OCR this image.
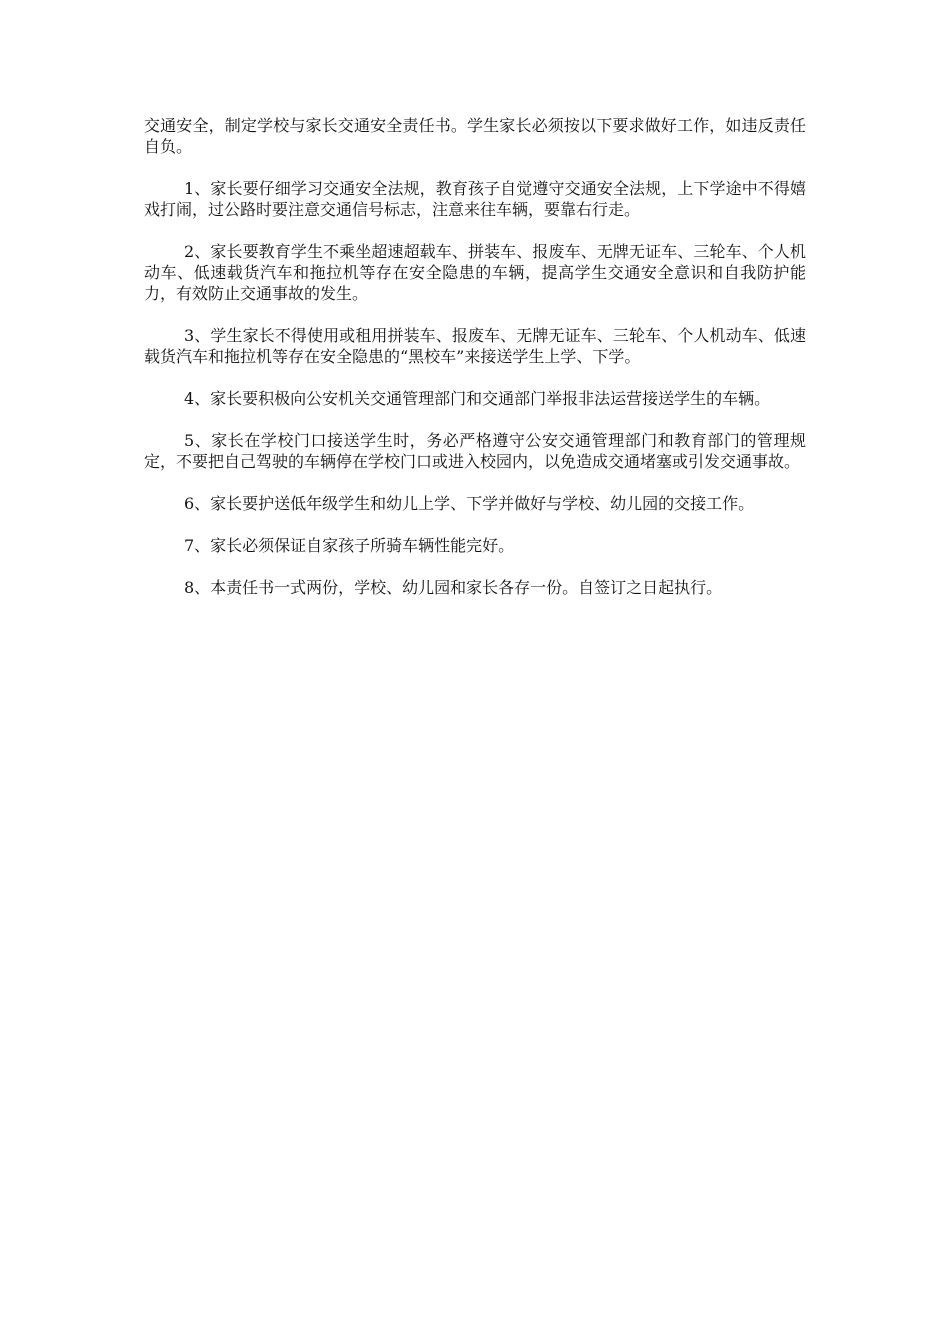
交通安全，制定学校与家长交通安全责任书。学生家长必须按以下要求做好工作，如违反责任自负。

1、家长要仔细学习交通安全法规，教育孩子自觉遵守交通安全法规，上下学途中不得嬉戏打闹，过公路时要注意交通信号标志，注意来往车辆，要靠右行走。

2、家长要教育学生不乘坐超速超载车、拼装车、报废车、无牌无证车、三轮车、个人机动车、低速载货汽车和拖拉机等存在安全隐患的车辆，提高学生交通安全意识和自我防护能力，有效防止交通事故的发生。

3、学生家长不得使用或租用拼装车、报废车、无牌无证车、三轮车、个人机动车、低速载货汽车和拖拉机等存在安全隐患的“黑校车”来接送学生上学、下学。

4、家长要积极向公安机关交通管理部门和交通部门举报非法运营接送学生的车辆。

5、家长在学校门口接送学生时，务必严格遵守公安交通管理部门和教育部门的管理规定，不要把自己驾驶的车辆停在学校门口或进入校园内，以免造成交通堵塞或引发交通事故。

6、家长要护送低年级学生和幼儿上学、下学并做好与学校、幼儿园的交接工作。

7、家长必须保证自家孩子所骑车辆性能完好。

8、本责任书一式两份，学校、幼儿园和家长各存一份。自签订之日起执行。
